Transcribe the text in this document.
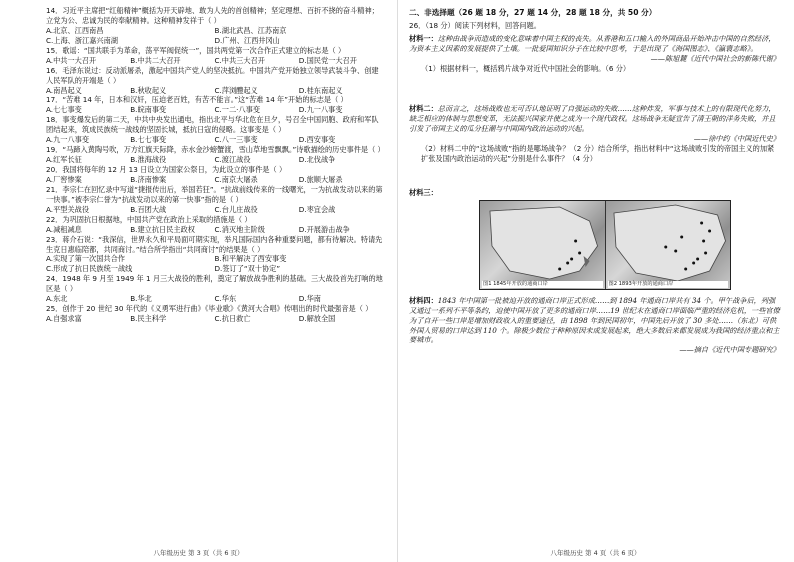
14．习近平主席把“红船精神”概括为开天辟地、敢为人先的首创精神；坚定理想、百折不挠的奋斗精神；立党为公、忠诚为民的奉献精神。这种精神发祥于（ ）

A.北京、江西南昌	B.湖北武昌、江苏南京
C.上海、浙江嘉兴南湖	D.广州、江西井冈山

15．歌谣：“国共联手为革命，荡平军阀促统一”，国共两党第一次合作正式建立的标志是（ ）

A.中共一大召开	B.中共二大召开	C.中共三大召开	D.国民党一大召开

16．毛泽东说过：反动派屠杀，激起中国共产党人的坚决抵抗。中国共产党开始独立领导武装斗争、创建人民军队的开端是（ ）

A.南昌起义	B.秋收起义	C.萍浏醴起义	D.桂东南起义

17．“苦难 14 年，日本和汉奸，压迫老百姓，有苦不能言。”这“苦难 14 年”开始的标志是（ ）

A.七七事变	B.皖南事变	C.一二·八事变	D.九一八事变

18．事变爆发后的第二天，中共中央发出通电，指出北平与华北危在旦夕，号召全中国同胞、政府和军队团结起来，筑成民族统一战线的坚固长城，抵抗日寇的侵略。这事变是（ ）

A.九一八事变	B.七七事变	C.八一三事变	D.西安事变

19．“马蹄入黄陶号吹，万方红旗天际降，赤水金沙螃蟹渡，雪山草地雪飘飘。”诗歌描绘的历史事件是（ ）

A.红军长征	B.淮海战役	C.渡江战役	D.北伐战争

20．我国将每年的 12 月 13 日设立为国家公祭日，为此设立的事件是（ ）

A.厂窖惨案	B.济南惨案	C.南京大屠杀	D.旅顺大屠杀

21．李宗仁在回忆录中写道“捷报传出后，举国若狂”。“抗战前线传来的一线曙光，一为抗战发动以来的第一快事。”被李宗仁誉为“抗战发动以来的第一快事”指的是（ ）

A.平型关战役	B.百团大战	C.台儿庄战役	D.枣宜会战

22．为巩固抗日根据地，中国共产党在政治上采取的措施是（ ）

A.减租减息	B.建立抗日民主政权	C.消灭地主阶级	D.开展游击战争

23．蒋介石说：“我深信，世界永久和平局面可期实现，举凡国际国内各种重要问题，都有待解决。特请先生克日惠临陪都，共同商讨。”结合所学指出“共同商讨”的结果是（ ）

A.实现了第一次国共合作	B.和平解决了西安事变
C.形成了抗日民族统一战线	D.签订了“双十协定”

24．1948 年 9 月至 1949 年 1 月三大战役的胜利，奠定了解放战争胜利的基础。三大战役首先打响的地区是（ ）

A.东北	B.华北	C.华东	D.华南

25．创作于 20 世纪 30 年代的《义勇军进行曲》《毕业歌》《黄河大合唱》传唱出的时代最强音是（ ）

A.自强求富	B.民主科学	C.抗日救亡	D.解放全国
八年级历史 第 3 页（共 6 页）

二、非选择题（26 题 18 分，27 题 14 分，28 题 18 分，共 50 分）

26．（18 分）阅读下列材料，回答问题。

材料一：这种由战争而造成的变化意味着中国主权的丧失。从香港和五口输入的外国商品开始冲击中国的自然经济，为资本主义因素的发展提供了土壤。一批爱国知识分子在比较中思考，于是出现了《海国图志》、《瀛寰志略》。

——陈旭麓《近代中国社会的新陈代谢》

（1）根据材料一，概括鸦片战争对近代中国社会的影响。（6 分）

材料二：总而言之，这场战败也无可否认地证明了自强运动的失败……这种炸发，军事与技术上的有限现代化努力，缺乏相应的体制与思想变革，无法振兴国家并使之成为一个现代政权。这场战争无疑宣告了清王朝的洋务失败，并且引发了帝国主义的瓜分狂潮与中国国内政治运动的兴起。

——徐中约《中国近代史》

（2）材料二中的“这场战败”指的是哪场战争？（2 分）结合所学，指出材料中“这场战败引发的帝国主义的加紧扩张及国内政治运动的兴起”分别是什么事件？（4 分）

材料三：
图1 1845年开放的通商口岸	图2 1893年开放的通商口岸

材料四：1843 年中国第一批被迫开放的通商口岸正式形成……到 1894 年通商口岸共有 34 个。甲午战争后，列强又通过一系列不平等条约，迫使中国开放了更多的通商口岸……19 世纪末在通商口岸面临严重的经济危机，一些官僚为了自开一些口岸是增加财政收入的重要途径，由 1898 年到民国初年，中国先后开放了 30 多处……（东北）可供外国人贸易的口岸达到 110 个。除极少数位于种种原因未成发展起来，绝大多数后来都发展成为我国的经济重点和主要城市。

——摘自《近代中国专题研究》

八年级历史 第 4 页（共 6 页）
